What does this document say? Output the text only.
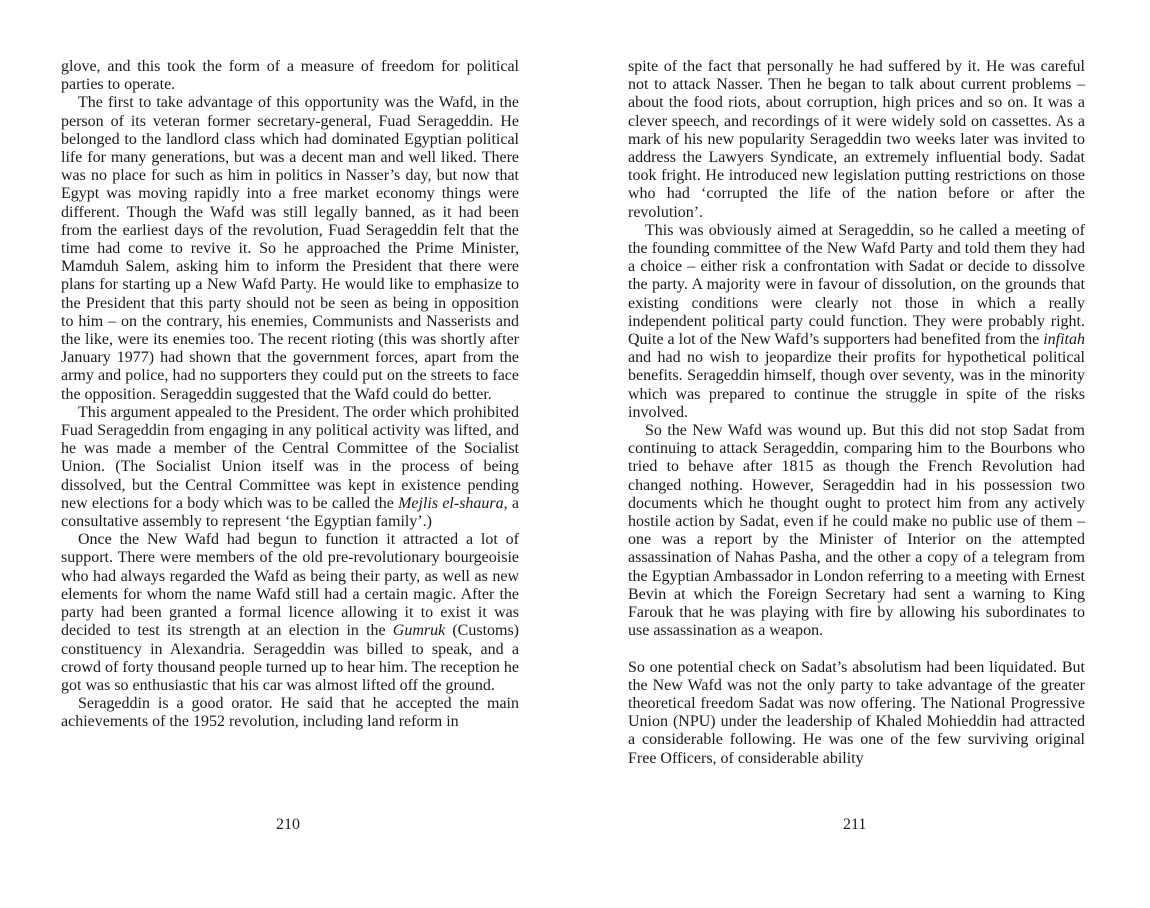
glove, and this took the form of a measure of freedom for political parties to operate.

The first to take advantage of this opportunity was the Wafd, in the person of its veteran former secretary-general, Fuad Serageddin. He belonged to the landlord class which had dominated Egyptian political life for many generations, but was a decent man and well liked. There was no place for such as him in politics in Nasser’s day, but now that Egypt was moving rapidly into a free market economy things were different. Though the Wafd was still legally banned, as it had been from the earliest days of the revolution, Fuad Serageddin felt that the time had come to revive it. So he approached the Prime Minister, Mamduh Salem, asking him to inform the President that there were plans for starting up a New Wafd Party. He would like to emphasize to the President that this party should not be seen as being in opposition to him – on the contrary, his enemies, Communists and Nasserists and the like, were its enemies too. The recent rioting (this was shortly after January 1977) had shown that the government forces, apart from the army and police, had no supporters they could put on the streets to face the opposition. Serageddin suggested that the Wafd could do better.

This argument appealed to the President. The order which prohibited Fuad Serageddin from engaging in any political activity was lifted, and he was made a member of the Central Committee of the Socialist Union. (The Socialist Union itself was in the process of being dissolved, but the Central Committee was kept in existence pending new elections for a body which was to be called the Mejlis el-shaura, a consultative assembly to represent ‘the Egyptian family’.)

Once the New Wafd had begun to function it attracted a lot of support. There were members of the old pre-revolutionary bourgeoisie who had always regarded the Wafd as being their party, as well as new elements for whom the name Wafd still had a certain magic. After the party had been granted a formal licence allowing it to exist it was decided to test its strength at an election in the Gumruk (Customs) constituency in Alexandria. Serageddin was billed to speak, and a crowd of forty thousand people turned up to hear him. The reception he got was so enthusiastic that his car was almost lifted off the ground.

Serageddin is a good orator. He said that he accepted the main achievements of the 1952 revolution, including land reform in

210

spite of the fact that personally he had suffered by it. He was careful not to attack Nasser. Then he began to talk about current problems – about the food riots, about corruption, high prices and so on. It was a clever speech, and recordings of it were widely sold on cassettes. As a mark of his new popularity Serageddin two weeks later was invited to address the Lawyers Syndicate, an extremely influential body. Sadat took fright. He introduced new legislation putting restrictions on those who had ‘corrupted the life of the nation before or after the revolution’.

This was obviously aimed at Serageddin, so he called a meeting of the founding committee of the New Wafd Party and told them they had a choice – either risk a confrontation with Sadat or decide to dissolve the party. A majority were in favour of dissolution, on the grounds that existing conditions were clearly not those in which a really independent political party could function. They were probably right. Quite a lot of the New Wafd’s supporters had benefited from the infitah and had no wish to jeopardize their profits for hypothetical political benefits. Serageddin himself, though over seventy, was in the minority which was prepared to continue the struggle in spite of the risks involved.

So the New Wafd was wound up. But this did not stop Sadat from continuing to attack Serageddin, comparing him to the Bourbons who tried to behave after 1815 as though the French Revolution had changed nothing. However, Serageddin had in his possession two documents which he thought ought to protect him from any actively hostile action by Sadat, even if he could make no public use of them – one was a report by the Minister of Interior on the attempted assassination of Nahas Pasha, and the other a copy of a telegram from the Egyptian Ambassador in London referring to a meeting with Ernest Bevin at which the Foreign Secretary had sent a warning to King Farouk that he was playing with fire by allowing his subordinates to use assassination as a weapon.

So one potential check on Sadat’s absolutism had been liquidated. But the New Wafd was not the only party to take advantage of the greater theoretical freedom Sadat was now offering. The National Progressive Union (NPU) under the leadership of Khaled Mohieddin had attracted a considerable following. He was one of the few surviving original Free Officers, of considerable ability

211
